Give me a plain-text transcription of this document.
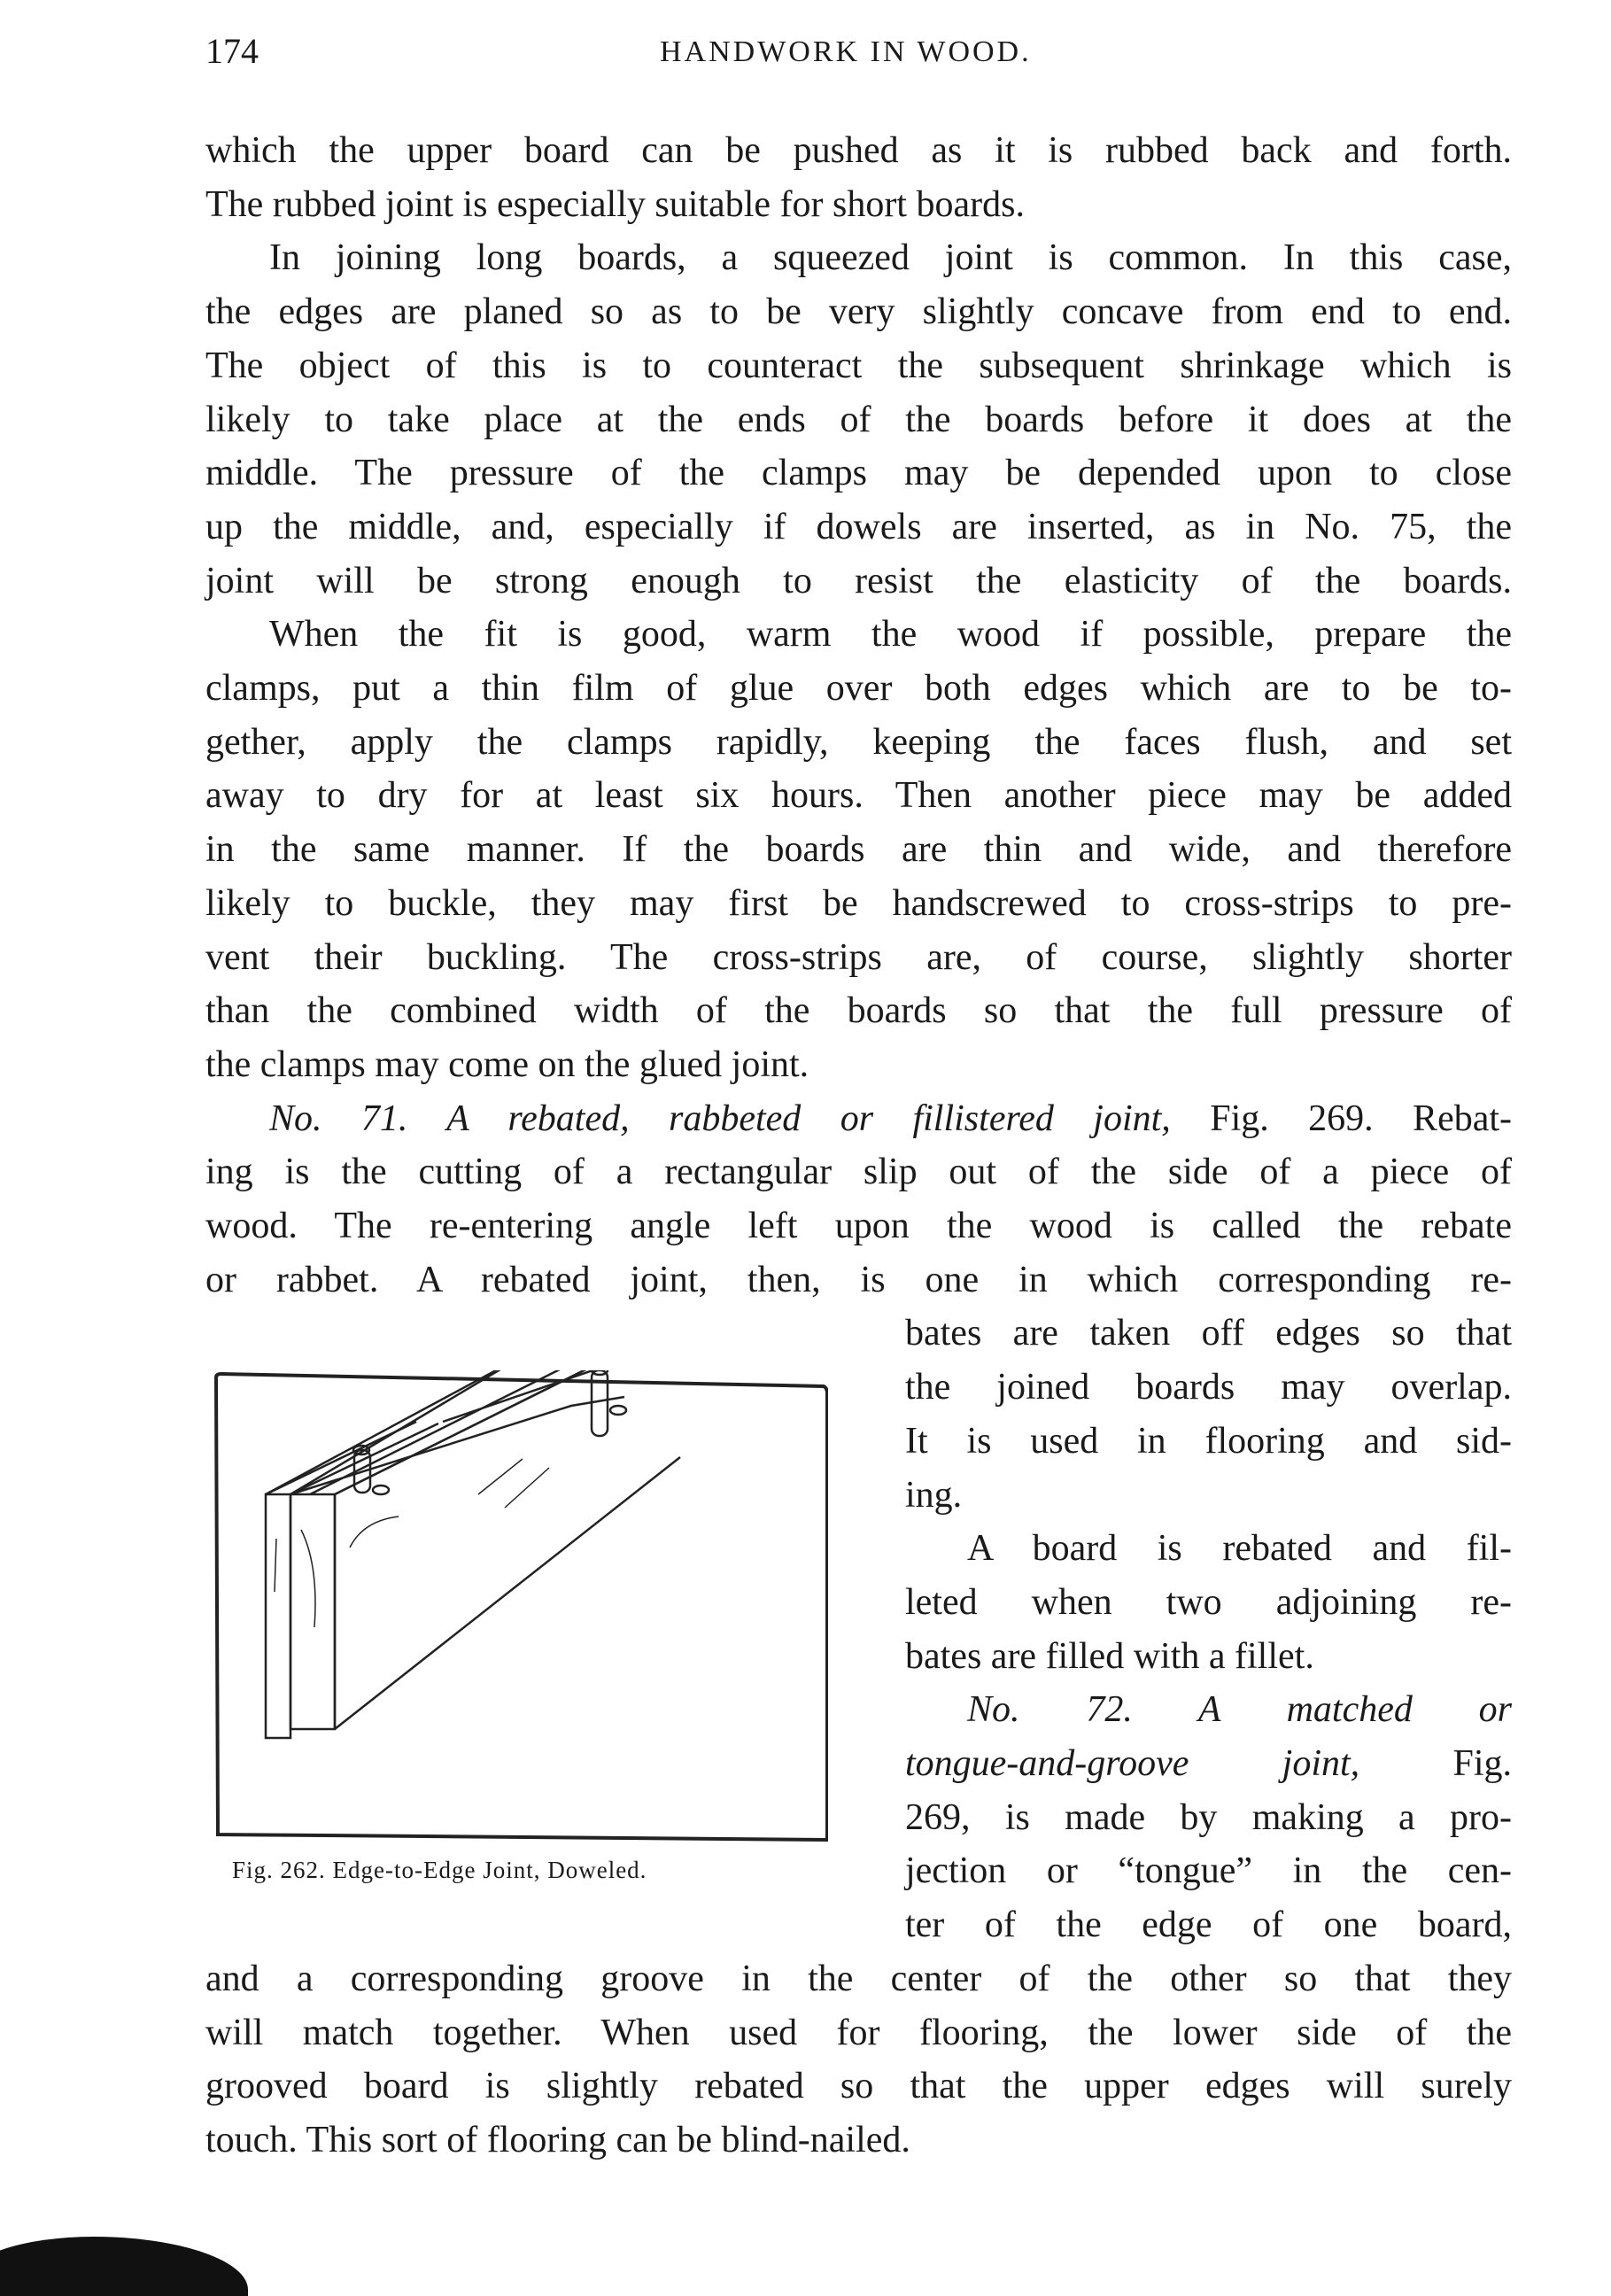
174	HANDWORK IN WOOD.
which the upper board can be pushed as it is rubbed back and forth.
The rubbed joint is especially suitable for short boards.
In joining long boards, a squeezed joint is common. In this case,
the edges are planed so as to be very slightly concave from end to end.
The object of this is to counteract the subsequent shrinkage which is
likely to take place at the ends of the boards before it does at the
middle. The pressure of the clamps may be depended upon to close
up the middle, and, especially if dowels are inserted, as in No. 75, the
joint will be strong enough to resist the elasticity of the boards.
When the fit is good, warm the wood if possible, prepare the
clamps, put a thin film of glue over both edges which are to be to-
gether, apply the clamps rapidly, keeping the faces flush, and set
away to dry for at least six hours. Then another piece may be added
in the same manner. If the boards are thin and wide, and therefore
likely to buckle, they may first be handscrewed to cross-strips to pre-
vent their buckling. The cross-strips are, of course, slightly shorter
than the combined width of the boards so that the full pressure of
the clamps may come on the glued joint.
No. 71. A rebated, rabbeted or fillistered joint, Fig. 269. Rebat-
ing is the cutting of a rectangular slip out of the side of a piece of
wood. The re-entering angle left upon the wood is called the rebate
or rabbet. A rebated joint, then, is one in which corresponding re-
bates are taken off edges so that
the joined boards may overlap.
It is used in flooring and sid-
ing.
A board is rebated and fil-
leted when two adjoining re-
bates are filled with a fillet.
No. 72. A matched or
tongue-and-groove joint, Fig.
269, is made by making a pro-
jection or “tongue” in the cen-
ter of the edge of one board,
and a corresponding groove in the center of the other so that they
will match together. When used for flooring, the lower side of the
grooved board is slightly rebated so that the upper edges will surely
touch. This sort of flooring can be blind-nailed.
Fig. 262. Edge-to-Edge Joint, Doweled.
